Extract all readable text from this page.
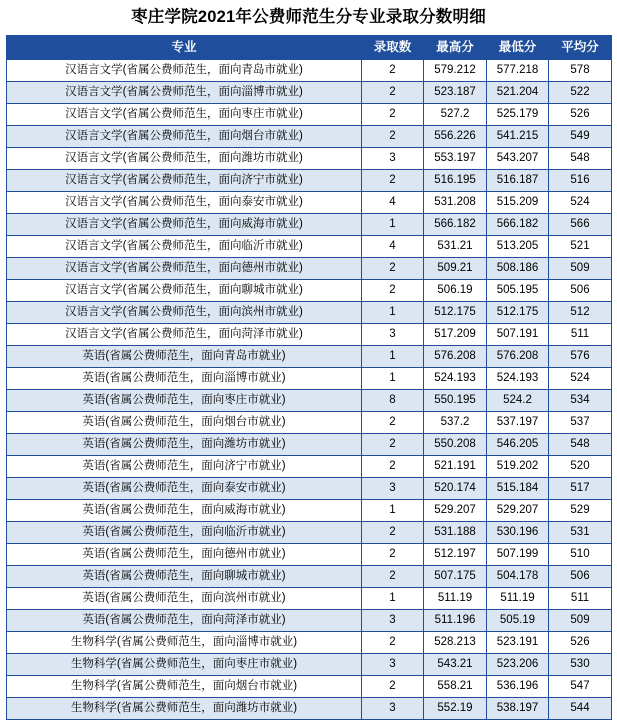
枣庄学院2021年公费师范生分专业录取分数明细
专业	录取数	最高分	最低分	平均分
汉语言文学(省属公费师范生，面向青岛市就业)	2	579.212	577.218	578
汉语言文学(省属公费师范生，面向淄博市就业)	2	523.187	521.204	522
汉语言文学(省属公费师范生，面向枣庄市就业)	2	527.2	525.179	526
汉语言文学(省属公费师范生，面向烟台市就业)	2	556.226	541.215	549
汉语言文学(省属公费师范生，面向潍坊市就业)	3	553.197	543.207	548
汉语言文学(省属公费师范生，面向济宁市就业)	2	516.195	516.187	516
汉语言文学(省属公费师范生，面向泰安市就业)	4	531.208	515.209	524
汉语言文学(省属公费师范生，面向威海市就业)	1	566.182	566.182	566
汉语言文学(省属公费师范生，面向临沂市就业)	4	531.21	513.205	521
汉语言文学(省属公费师范生，面向德州市就业)	2	509.21	508.186	509
汉语言文学(省属公费师范生，面向聊城市就业)	2	506.19	505.195	506
汉语言文学(省属公费师范生，面向滨州市就业)	1	512.175	512.175	512
汉语言文学(省属公费师范生，面向菏泽市就业)	3	517.209	507.191	511
英语(省属公费师范生，面向青岛市就业)	1	576.208	576.208	576
英语(省属公费师范生，面向淄博市就业)	1	524.193	524.193	524
英语(省属公费师范生，面向枣庄市就业)	8	550.195	524.2	534
英语(省属公费师范生，面向烟台市就业)	2	537.2	537.197	537
英语(省属公费师范生，面向潍坊市就业)	2	550.208	546.205	548
英语(省属公费师范生，面向济宁市就业)	2	521.191	519.202	520
英语(省属公费师范生，面向泰安市就业)	3	520.174	515.184	517
英语(省属公费师范生，面向威海市就业)	1	529.207	529.207	529
英语(省属公费师范生，面向临沂市就业)	2	531.188	530.196	531
英语(省属公费师范生，面向德州市就业)	2	512.197	507.199	510
英语(省属公费师范生，面向聊城市就业)	2	507.175	504.178	506
英语(省属公费师范生，面向滨州市就业)	1	511.19	511.19	511
英语(省属公费师范生，面向菏泽市就业)	3	511.196	505.19	509
生物科学(省属公费师范生，面向淄博市就业)	2	528.213	523.191	526
生物科学(省属公费师范生，面向枣庄市就业)	3	543.21	523.206	530
生物科学(省属公费师范生，面向烟台市就业)	2	558.21	536.196	547
生物科学(省属公费师范生，面向潍坊市就业)	3	552.19	538.197	544
